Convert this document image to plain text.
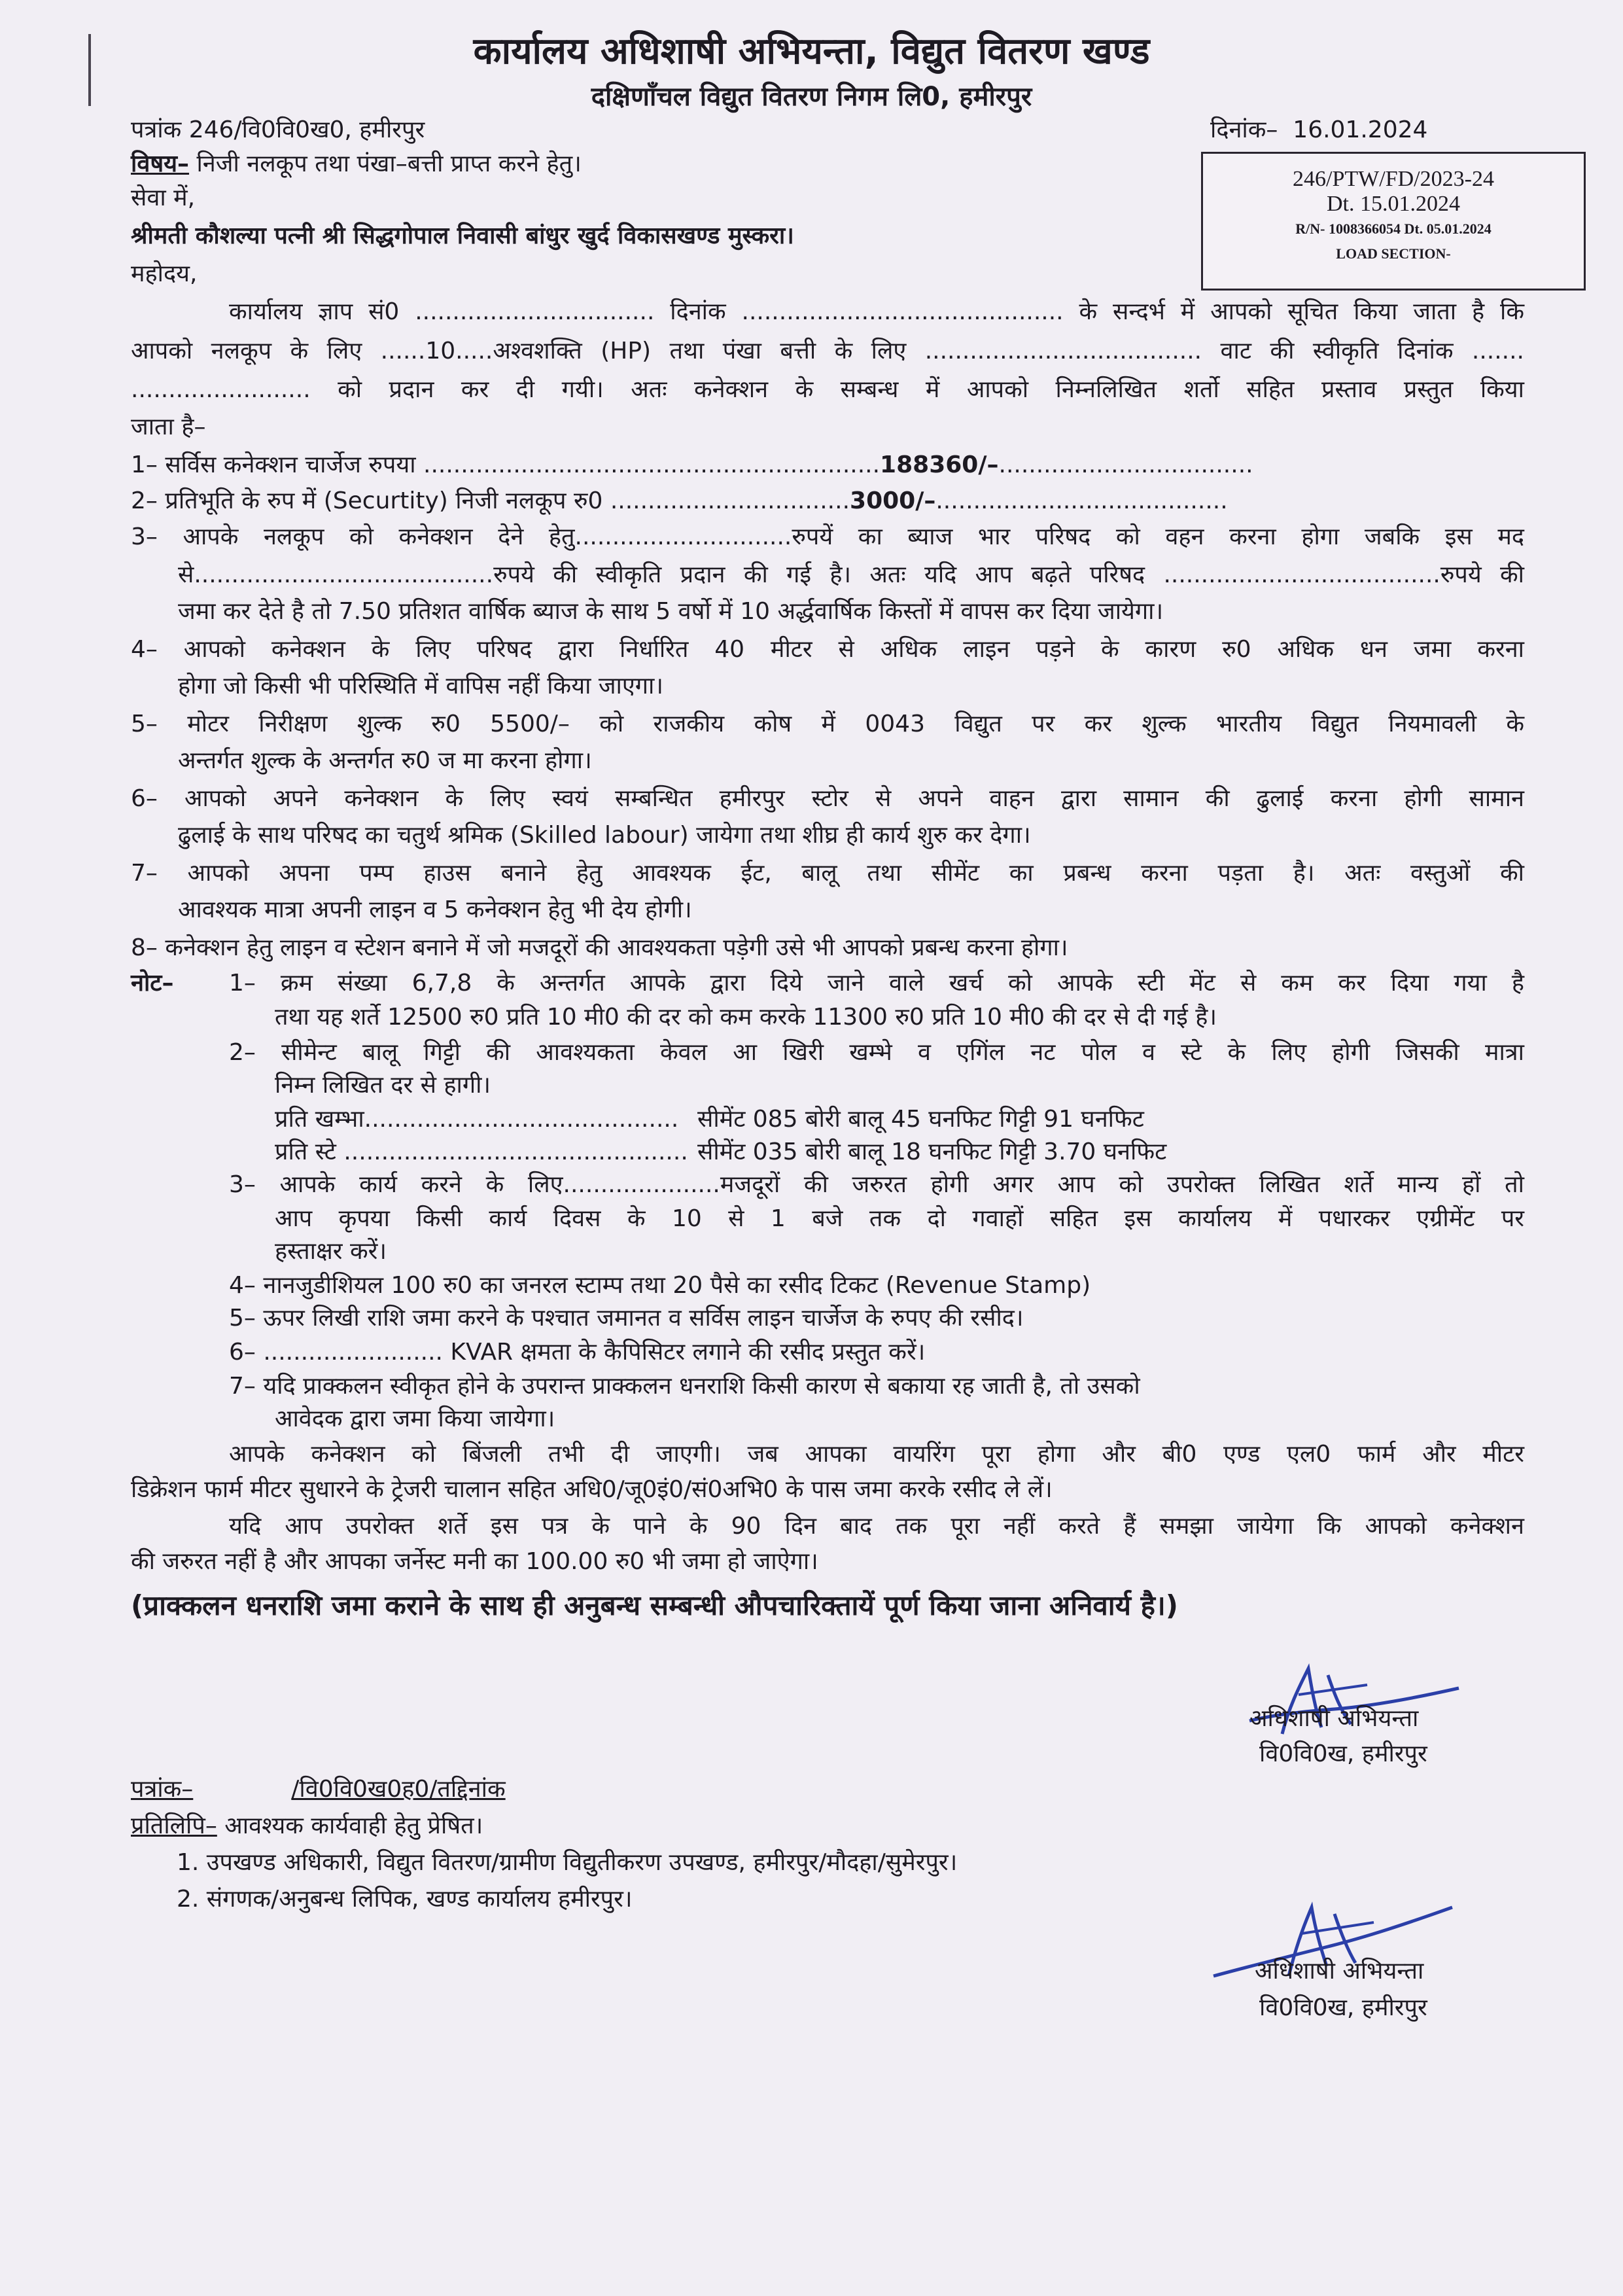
कार्यालय अधिशाषी अभियन्ता, विद्युत वितरण खण्ड
दक्षिणाँचल विद्युत वितरण निगम लि0, हमीरपुर
पत्रांक 246/वि0वि0ख0, हमीरपुर	दिनांक– 16.01.2024
246/PTW/FD/2023-24
Dt. 15.01.2024
R/N- 1008366054 Dt. 05.01.2024
LOAD SECTION-
विषय– निजी नलकूप तथा पंखा–बत्ती प्राप्त करने हेतु।
सेवा में,
श्रीमती कौशल्या पत्नी श्री सिद्धगोपाल निवासी बांधुर खुर्द विकासखण्ड मुस्करा।
महोदय,
कार्यालय ज्ञाप सं0 ................................ दिनांक ........................................... के सन्दर्भ में आपको सूचित किया जाता है कि
आपको नलकूप के लिए ......10.....अश्वशक्ति (HP) तथा पंखा बत्ती के लिए ..................................... वाट की स्वीकृति दिनांक .......
........................ को प्रदान कर दी गयी। अतः कनेक्शन के सम्बन्ध में आपको निम्नलिखित शर्तो सहित प्रस्ताव प्रस्तुत किया
जाता है–
1– सर्विस कनेक्शन चार्जेज रुपया .............................................................188360/–..................................
2– प्रतिभूति के रुप में (Securtity) निजी नलकूप रु0 ................................3000/–.......................................
3– आपके नलकूप को कनेक्शन देने हेतु.............................रुपयें का ब्याज भार परिषद को वहन करना होगा जबकि इस मद
से........................................रुपये की स्वीकृति प्रदान की गई है। अतः यदि आप बढ़ते परिषद .....................................रुपये की
जमा कर देते है तो 7.50 प्रतिशत वार्षिक ब्याज के साथ 5 वर्षो में 10 अर्द्धवार्षिक किस्तों में वापस कर दिया जायेगा।
4– आपको कनेक्शन के लिए परिषद द्वारा निर्धारित 40 मीटर से अधिक लाइन पड़ने के कारण रु0 अधिक धन जमा करना
होगा जो किसी भी परिस्थिति में वापिस नहीं किया जाएगा।
5– मोटर निरीक्षण शुल्क रु0 5500/– को राजकीय कोष में 0043 विद्युत पर कर शुल्क भारतीय विद्युत नियमावली के
अन्तर्गत शुल्क के अन्तर्गत रु0 ज मा करना होगा।
6– आपको अपने कनेक्शन के लिए स्वयं सम्बन्धित हमीरपुर स्टोर से अपने वाहन द्वारा सामान की ढुलाई करना होगी सामान
ढुलाई के साथ परिषद का चतुर्थ श्रमिक (Skilled labour) जायेगा तथा शीघ्र ही कार्य शुरु कर देगा।
7– आपको अपना पम्प हाउस बनाने हेतु आवश्यक ईट, बालू तथा सीमेंट का प्रबन्ध करना पड़ता है। अतः वस्तुओं की
आवश्यक मात्रा अपनी लाइन व 5 कनेक्शन हेतु भी देय होगी।
8– कनेक्शन हेतु लाइन व स्टेशन बनाने में जो मजदूरों की आवश्यकता पड़ेगी उसे भी आपको प्रबन्ध करना होगा।
नोट– 1– क्रम संख्या 6,7,8 के अन्तर्गत आपके द्वारा दिये जाने वाले खर्च को आपके स्टी मेंट से कम कर दिया गया है
तथा यह शर्ते 12500 रु0 प्रति 10 मी0 की दर को कम करके 11300 रु0 प्रति 10 मी0 की दर से दी गई है।
2– सीमेन्ट बालू गिट्टी की आवश्यकता केवल आ खिरी खम्भे व एगिंल नट पोल व स्टे के लिए होगी जिसकी मात्रा
निम्न लिखित दर से हागी।
प्रति खम्भा.......................................... सीमेंट 085 बोरी बालू 45 घनफिट गिट्टी 91 घनफिट
प्रति स्टे .............................................. सीमेंट 035 बोरी बालू 18 घनफिट गिट्टी 3.70 घनफिट
3– आपके कार्य करने के लिए.....................मजदूरों की जरुरत होगी अगर आप को उपरोक्त लिखित शर्ते मान्य हों तो
आप कृपया किसी कार्य दिवस के 10 से 1 बजे तक दो गवाहों सहित इस कार्यालय में पधारकर एग्रीमेंट पर
हस्ताक्षर करें।
4– नानजुडीशियल 100 रु0 का जनरल स्टाम्प तथा 20 पैसे का रसीद टिकट (Revenue Stamp)
5– ऊपर लिखी राशि जमा करने के पश्चात जमानत व सर्विस लाइन चार्जेज के रुपए की रसीद।
6– ........................ KVAR क्षमता के कैपिसिटर लगाने की रसीद प्रस्तुत करें।
7– यदि प्राक्कलन स्वीकृत होने के उपरान्त प्राक्कलन धनराशि किसी कारण से बकाया रह जाती है, तो उसको
आवेदक द्वारा जमा किया जायेगा।
आपके कनेक्शन को बिंजली तभी दी जाएगी। जब आपका वायरिंग पूरा होगा और बी0 एण्ड एल0 फार्म और मीटर
डिक्रेशन फार्म मीटर सुधारने के ट्रेजरी चालान सहित अधि0/जू0इं0/सं0अभि0 के पास जमा करके रसीद ले लें।
यदि आप उपरोक्त शर्ते इस पत्र के पाने के 90 दिन बाद तक पूरा नहीं करते हैं समझा जायेगा कि आपको कनेक्शन
की जरुरत नहीं है और आपका जर्नेस्ट मनी का 100.00 रु0 भी जमा हो जाऐगा।
(प्राक्कलन धनराशि जमा कराने के साथ ही अनुबन्ध सम्बन्धी औपचारिक्तायें पूर्ण किया जाना अनिवार्य है।)
अधिशाषी अभियन्ता
वि0वि0ख, हमीरपुर
पत्रांक–	/वि0वि0ख0ह0/तद्दिनांक
प्रतिलिपि– आवश्यक कार्यवाही हेतु प्रेषित।
1. उपखण्ड अधिकारी, विद्युत वितरण/ग्रामीण विद्युतीकरण उपखण्ड, हमीरपुर/मौदहा/सुमेरपुर।
2. संगणक/अनुबन्ध लिपिक, खण्ड कार्यालय हमीरपुर।
अधिशाषी अभियन्ता
वि0वि0ख, हमीरपुर
